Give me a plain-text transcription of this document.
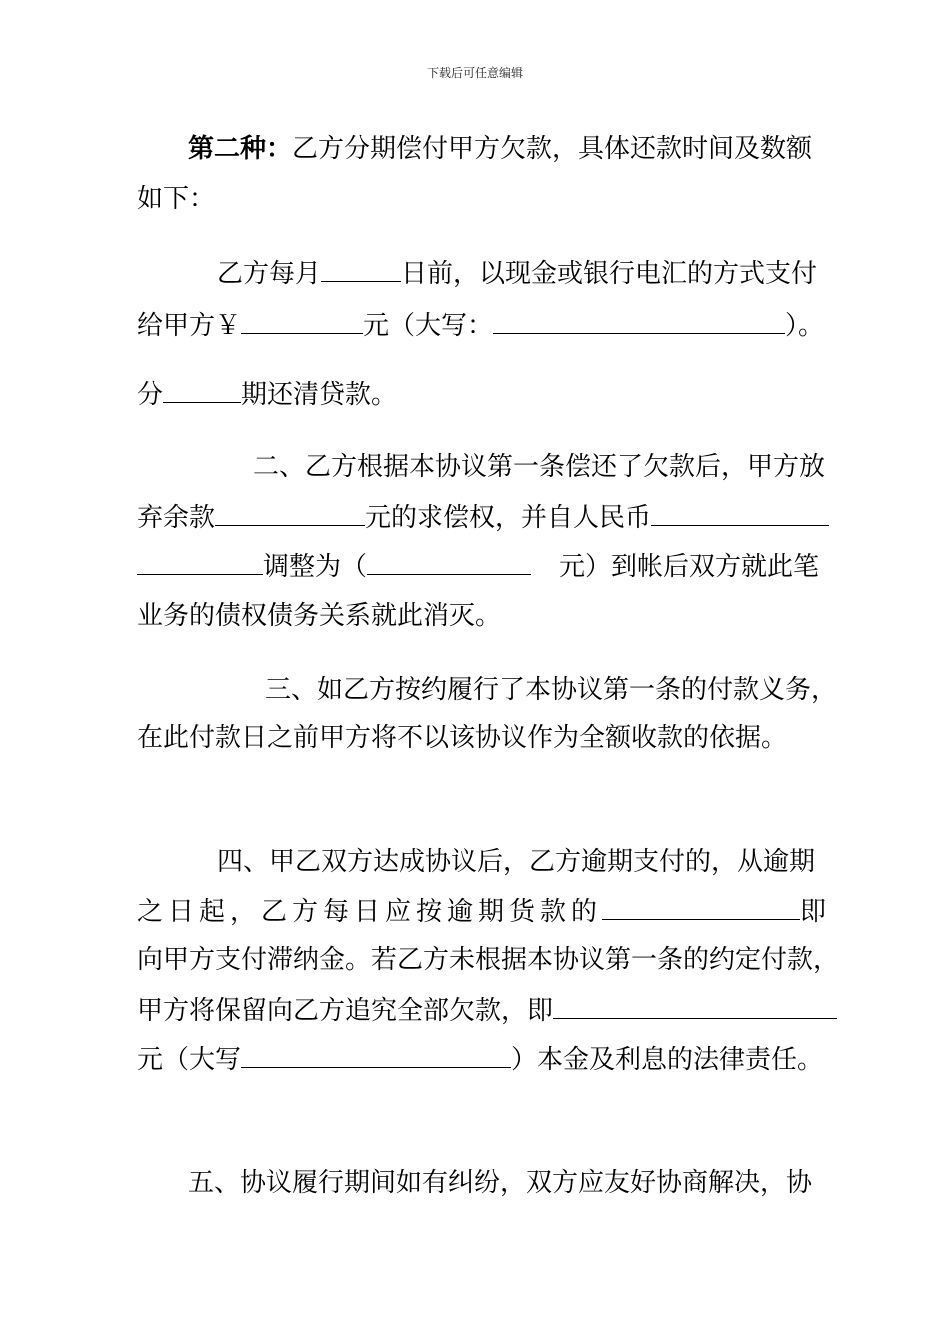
下载后可任意编辑
第二种：乙方分期偿付甲方欠款，具体还款时间及数额
如下：
乙方每月	日前，以现金或银行电汇的方式支付
给甲方￥	元（大写：	）。
分	期还清贷款。
二、乙方根据本协议第一条偿还了欠款后，甲方放
弃余款	元的求偿权，并自人民币
调整为（	元）到帐后双方就此笔
业务的债权债务关系就此消灭。
三、如乙方按约履行了本协议第一条的付款义务，
在此付款日之前甲方将不以该协议作为全额收款的依据。
四、甲乙双方达成协议后，乙方逾期支付的，从逾期
之日起，乙方每日应按逾期货款的	即
向甲方支付滞纳金。若乙方未根据本协议第一条的约定付款，
甲方将保留向乙方追究全部欠款，即
元（大写	）本金及利息的法律责任。
五、协议履行期间如有纠纷，双方应友好协商解决，协
